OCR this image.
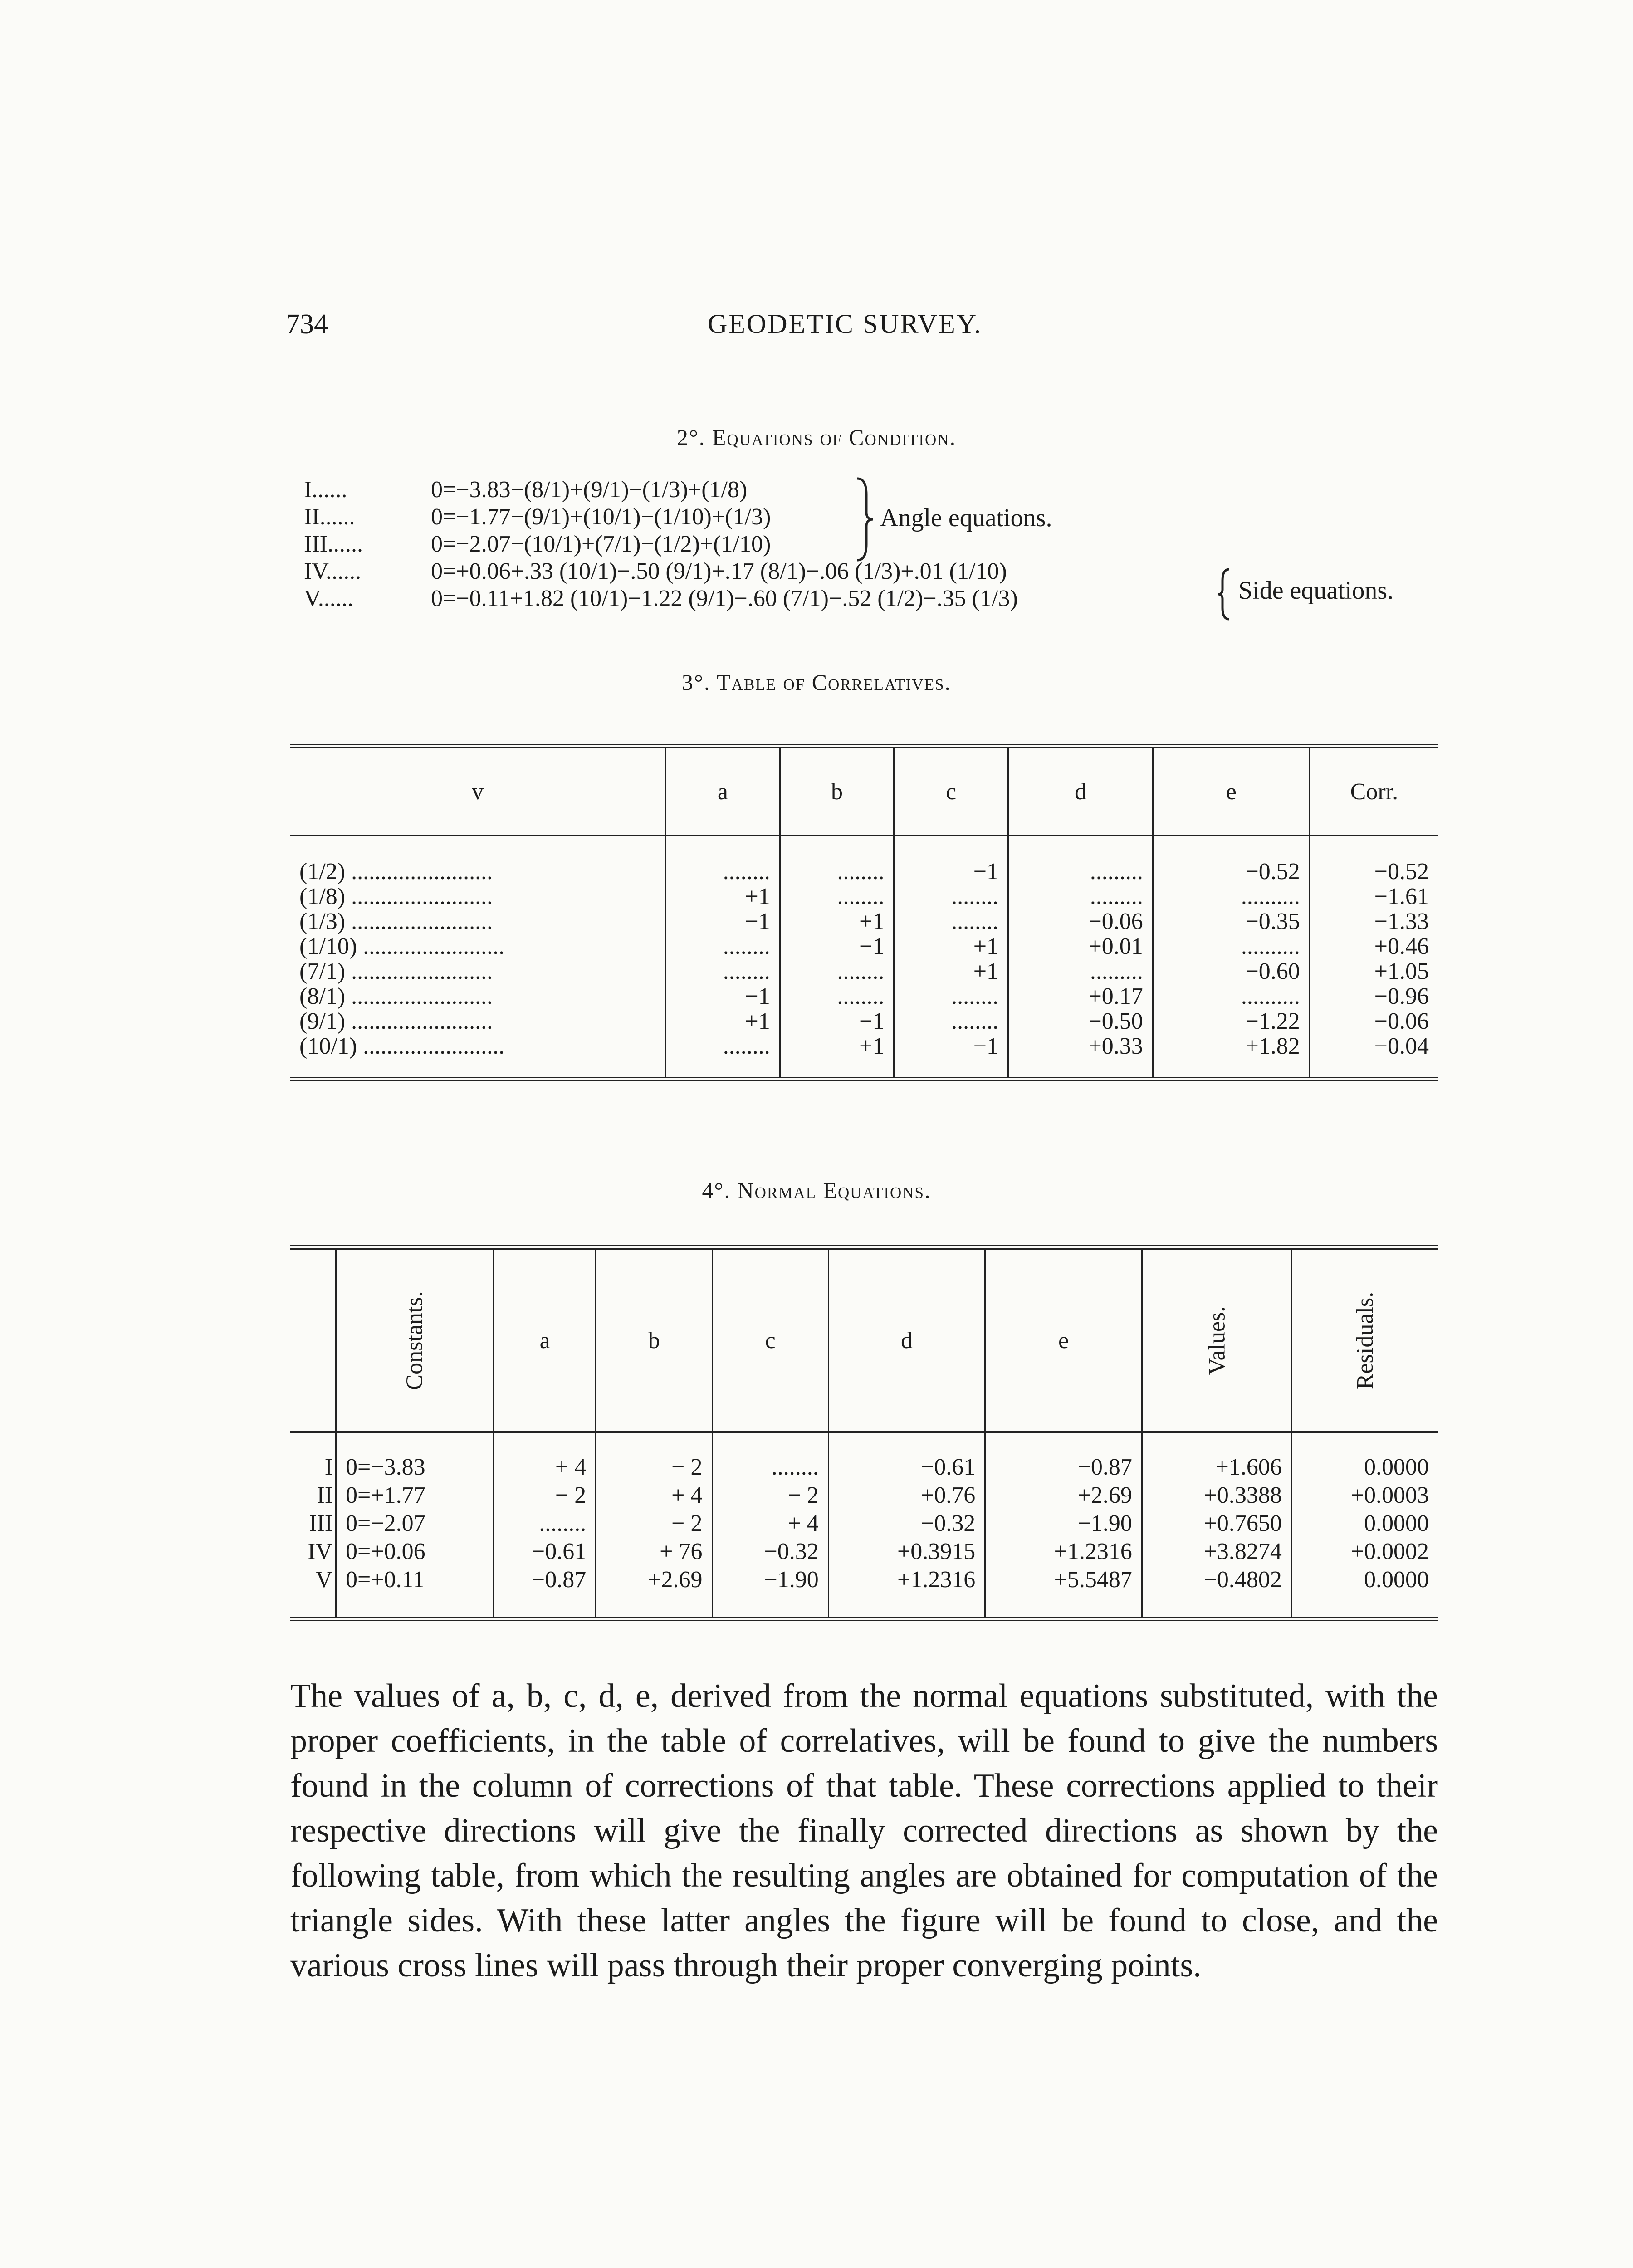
734	GEODETIC SURVEY.
2°. Equations of Condition.
I......	0=−3.83−(8/1)+(9/1)−(1/3)+(1/8)
II......	0=−1.77−(9/1)+(10/1)−(1/10)+(1/3)
III......	0=−2.07−(10/1)+(7/1)−(1/2)+(1/10)
IV......	0=+0.06+.33 (10/1)−.50 (9/1)+.17 (8/1)−.06 (1/3)+.01 (1/10)
V......	0=−0.11+1.82 (10/1)−1.22 (9/1)−.60 (7/1)−.52 (1/2)−.35 (1/3)
Angle equations.
Side equations.
3°. Table of Correlatives.
v	a	b	c	d	e	Corr.
(1/2) ........................	........	........	−1	.........	−0.52	−0.52
(1/8) ........................	+1	........	........	.........	..........	−1.61
(1/3) ........................	−1	+1	........	−0.06	−0.35	−1.33
(1/10) ........................	........	−1	+1	+0.01	..........	+0.46
(7/1) ........................	........	........	+1	.........	−0.60	+1.05
(8/1) ........................	−1	........	........	+0.17	..........	−0.96
(9/1) ........................	+1	−1	........	−0.50	−1.22	−0.06
(10/1) ........................	........	+1	−1	+0.33	+1.82	−0.04
4°. Normal Equations.
	Constants.	a	b	c	d	e	Values.	Residuals.
I	0=−3.83	+ 4	− 2	........	−0.61	−0.87	+1.606	0.0000
II	0=+1.77	− 2	+ 4	− 2	+0.76	+2.69	+0.3388	+0.0003
III	0=−2.07	........	− 2	+ 4	−0.32	−1.90	+0.7650	0.0000
IV	0=+0.06	−0.61	+ 76	−0.32	+0.3915	+1.2316	+3.8274	+0.0002
V	0=+0.11	−0.87	+2.69	−1.90	+1.2316	+5.5487	−0.4802	0.0000
The values of a, b, c, d, e, derived from the normal equations substituted, with the proper coefficients, in the table of correlatives, will be found to give the numbers found in the column of corrections of that table. These corrections applied to their respective directions will give the finally corrected directions as shown by the following table, from which the resulting angles are obtained for computation of the triangle sides. With these latter angles the figure will be found to close, and the various cross lines will pass through their proper converging points.
